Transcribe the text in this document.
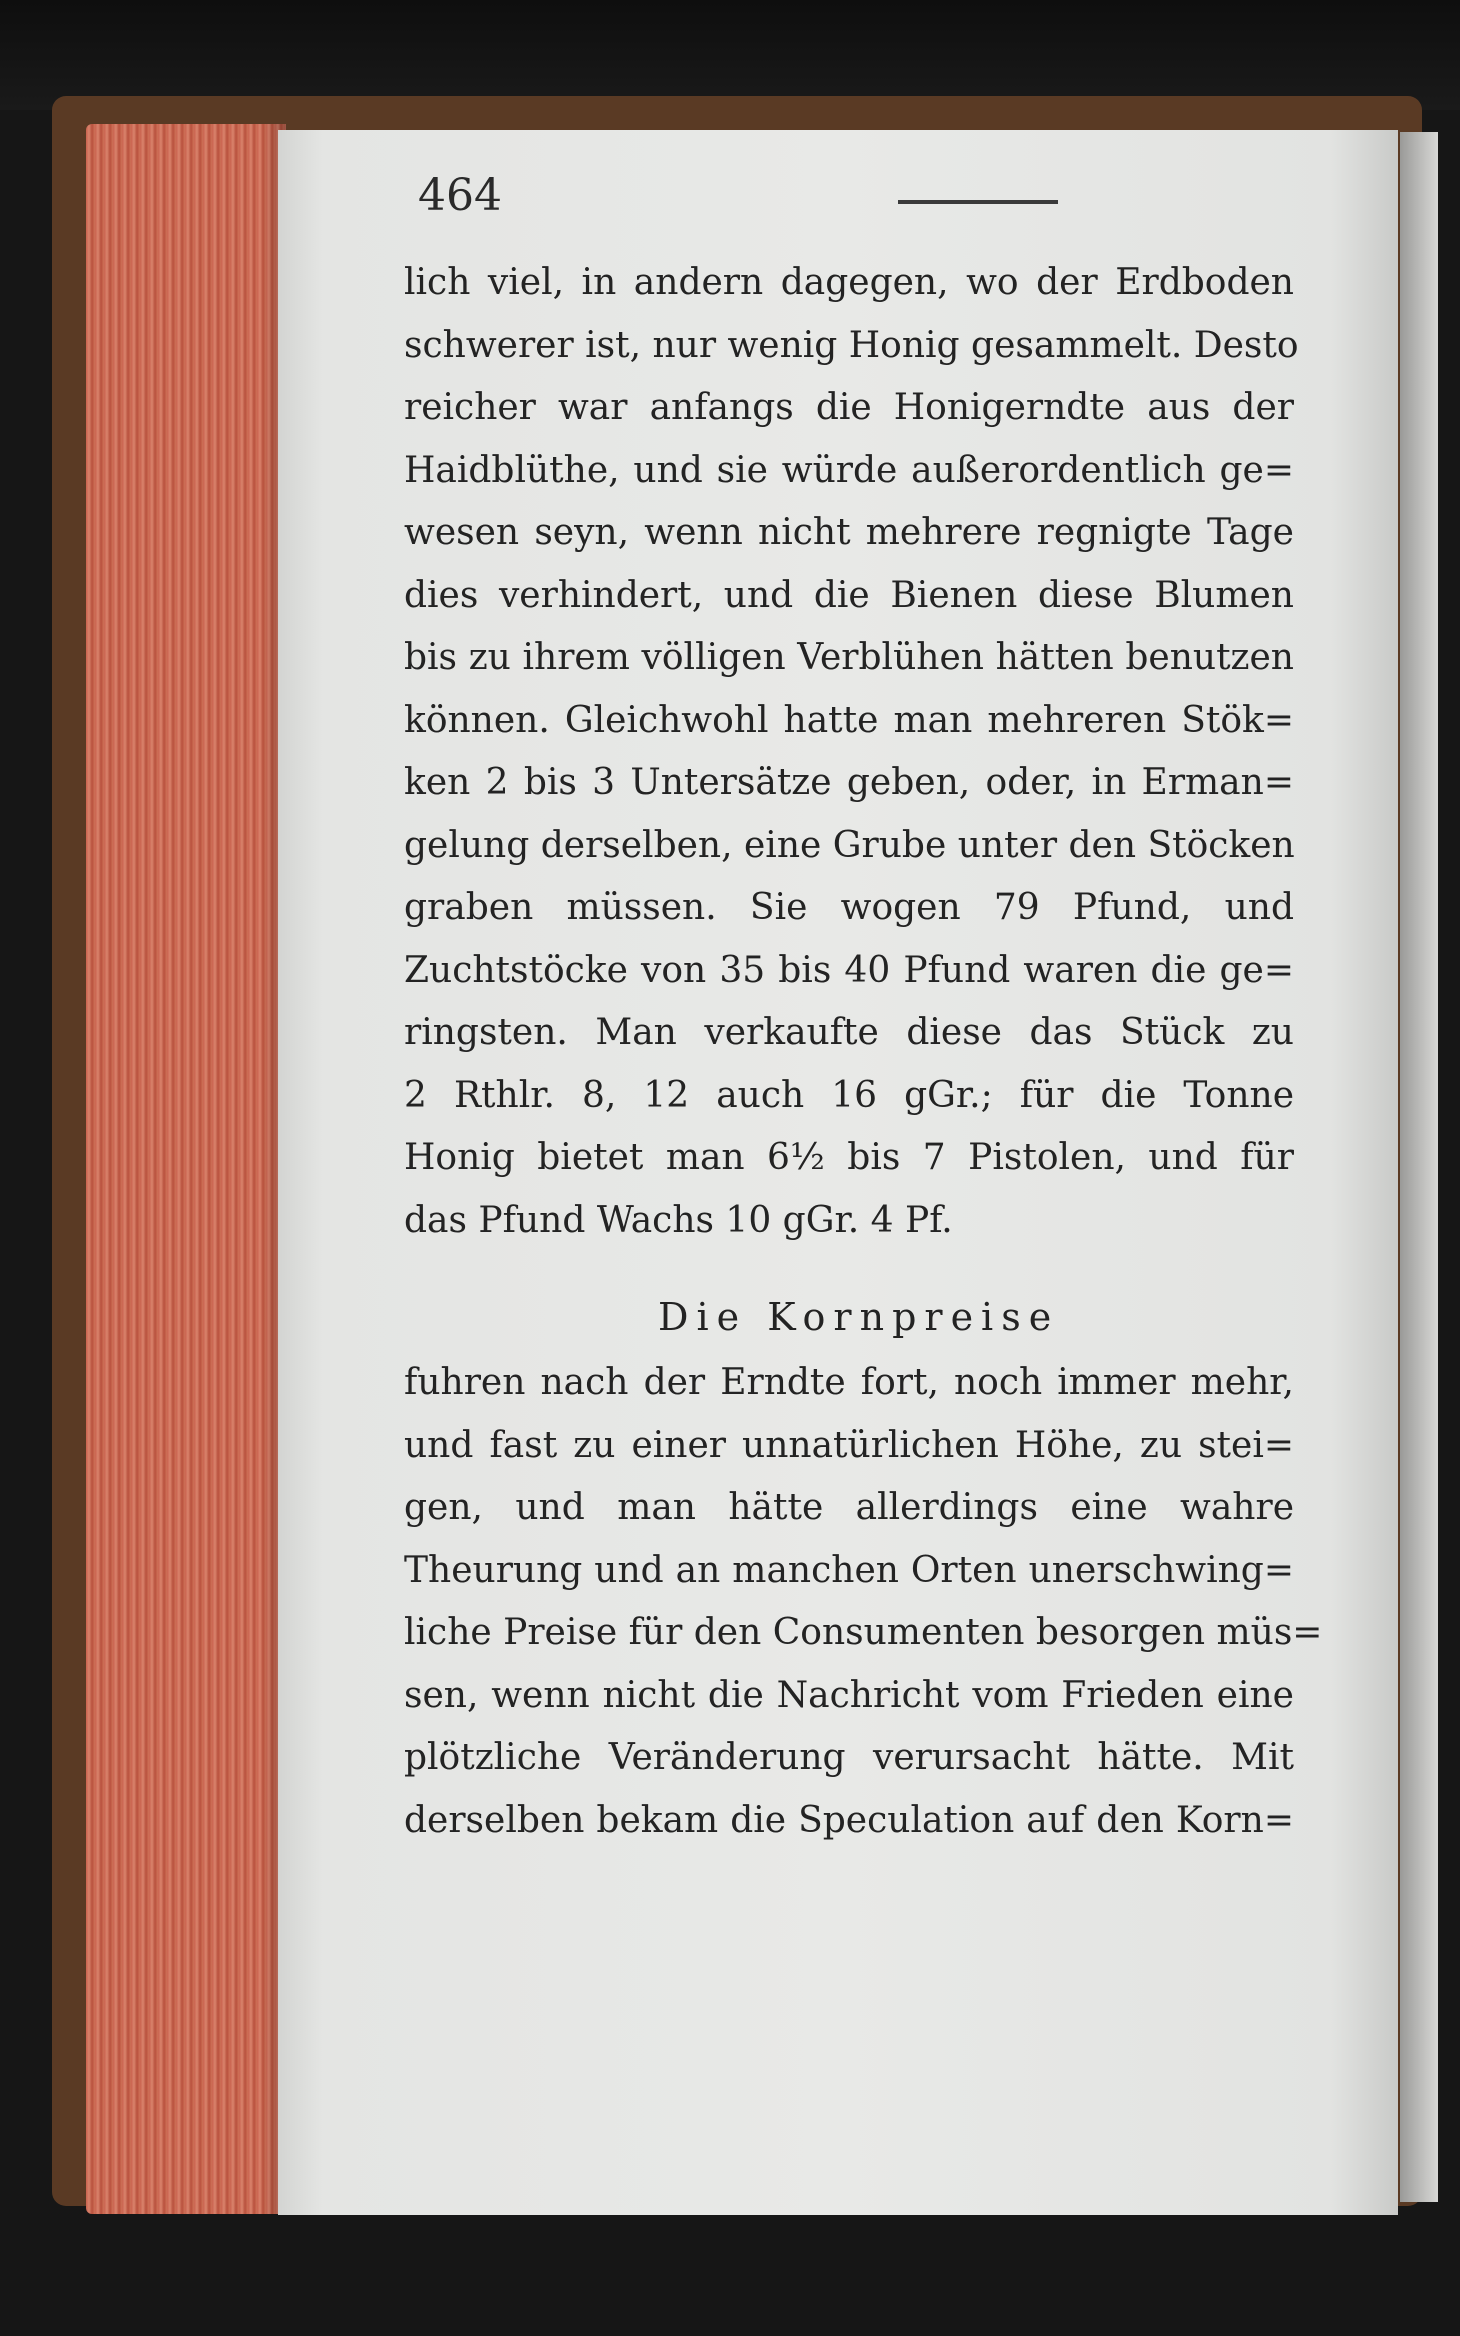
464
lich viel, in andern dagegen, wo der Erdboden
schwerer ist, nur wenig Honig gesammelt. Desto
reicher war anfangs die Honigerndte aus der
Haidblüthe, und sie würde außerordentlich ge=
wesen seyn, wenn nicht mehrere regnigte Tage
dies verhindert, und die Bienen diese Blumen
bis zu ihrem völligen Verblühen hätten benutzen
können. Gleichwohl hatte man mehreren Stök=
ken 2 bis 3 Untersätze geben, oder, in Erman=
gelung derselben, eine Grube unter den Stöcken
graben müssen. Sie wogen 79 Pfund, und
Zuchtstöcke von 35 bis 40 Pfund waren die ge=
ringsten. Man verkaufte diese das Stück zu
2 Rthlr. 8, 12 auch 16 gGr.; für die Tonne
Honig bietet man 6½ bis 7 Pistolen, und für
das Pfund Wachs 10 gGr. 4 Pf.
Die Kornpreise
fuhren nach der Erndte fort, noch immer mehr,
und fast zu einer unnatürlichen Höhe, zu stei=
gen, und man hätte allerdings eine wahre
Theurung und an manchen Orten unerschwing=
liche Preise für den Consumenten besorgen müs=
sen, wenn nicht die Nachricht vom Frieden eine
plötzliche Veränderung verursacht hätte. Mit
derselben bekam die Speculation auf den Korn=
